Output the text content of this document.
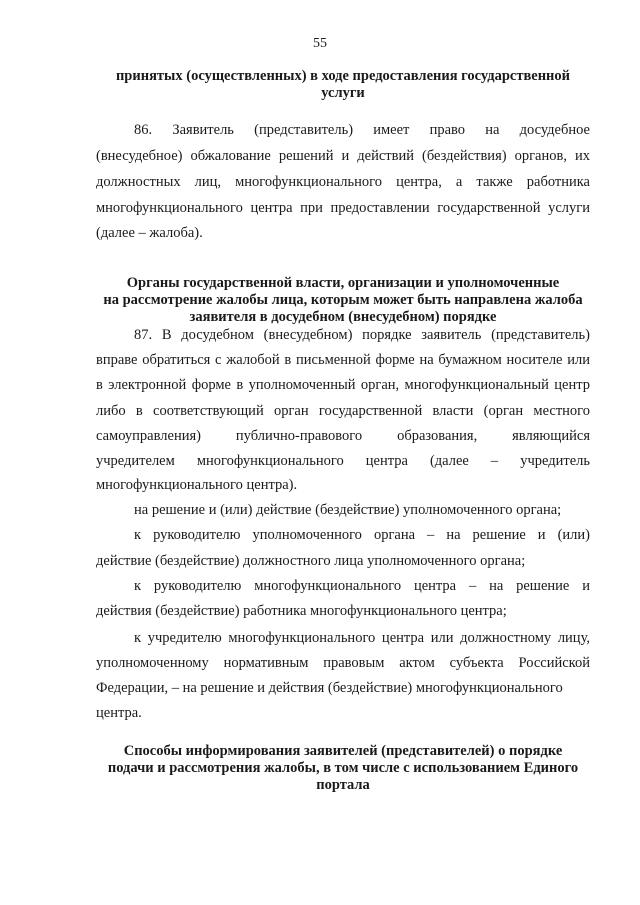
55
принятых (осуществленных) в ходе предоставления государственной
услуги
86. Заявитель (представитель) имеет право на досудебное
(внесудебное) обжалование решений и действий (бездействия) органов, их
должностных лиц, многофункционального центра, а также работника
многофункционального центра при предоставлении государственной услуги
(далее – жалоба).
Органы государственной власти, организации и уполномоченные
на рассмотрение жалобы лица, которым может быть направлена жалоба
заявителя в досудебном (внесудебном) порядке
87. В досудебном (внесудебном) порядке заявитель (представитель)
вправе обратиться с жалобой в письменной форме на бумажном носителе или
в электронной форме в уполномоченный орган, многофункциональный центр
либо в соответствующий орган государственной власти (орган местного
самоуправления) публично-правового образования, являющийся
учредителем многофункционального центра (далее – учредитель
многофункционального центра).
на решение и (или) действие (бездействие) уполномоченного органа;
к руководителю уполномоченного органа – на решение и (или)
действие (бездействие) должностного лица уполномоченного органа;
к руководителю многофункционального центра – на решение и
действия (бездействие) работника многофункционального центра;
к учредителю многофункционального центра или должностному лицу,
уполномоченному нормативным правовым актом субъекта Российской
Федерации, – на решение и действия (бездействие) многофункционального
центра.
Способы информирования заявителей (представителей) о порядке
подачи и рассмотрения жалобы, в том числе с использованием Единого
портала
